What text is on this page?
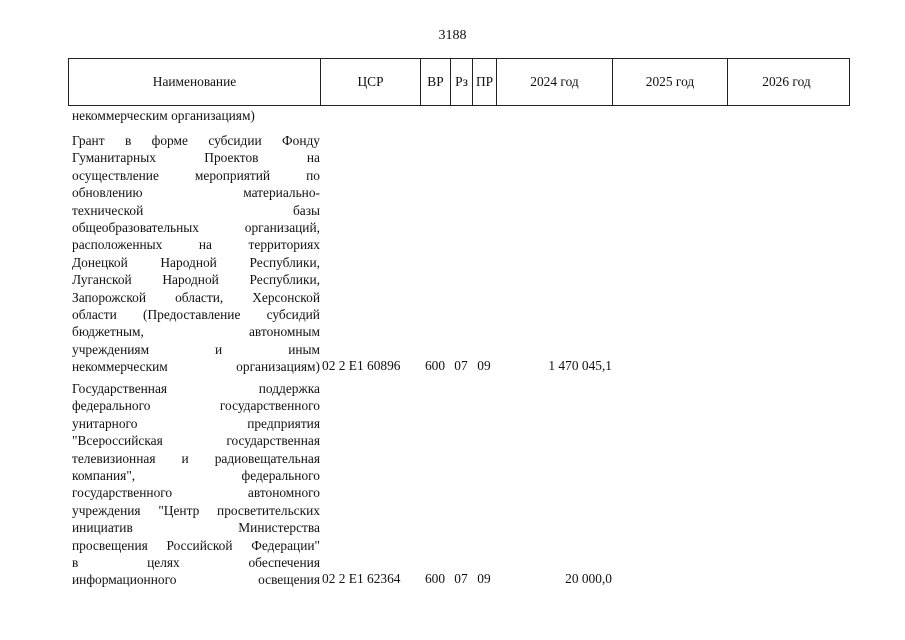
3188
Наименование	ЦСР	ВР Рз ПР	2024 год	2025 год	2026 год
некоммерческим организациям)
Грант в форме субсидии Фонду
Гуманитарных	Проектов	на
осуществление	мероприятий	по
обновлению	материально-
технической	базы
общеобразовательных	организаций,
расположенных	на	территориях
Донецкой Народной Республики,
Луганской Народной Республики,
Запорожской области, Херсонской
области (Предоставление субсидий
бюджетным,	автономным
учреждениям	и	иным
некоммерческим	организациям) 02 2 E1 60896	600 07 09	1 470 045,1
Государственная	поддержка
федерального	государственного
унитарного	предприятия
"Всероссийская	государственная
телевизионная и радиовещательная
компания",	федерального
государственного	автономного
учреждения "Центр просветительских
инициатив	Министерства
просвещения Российской Федерации"
в	целях	обеспечения
информационного	освещения 02 2 E1 62364	600 07 09	20 000,0
